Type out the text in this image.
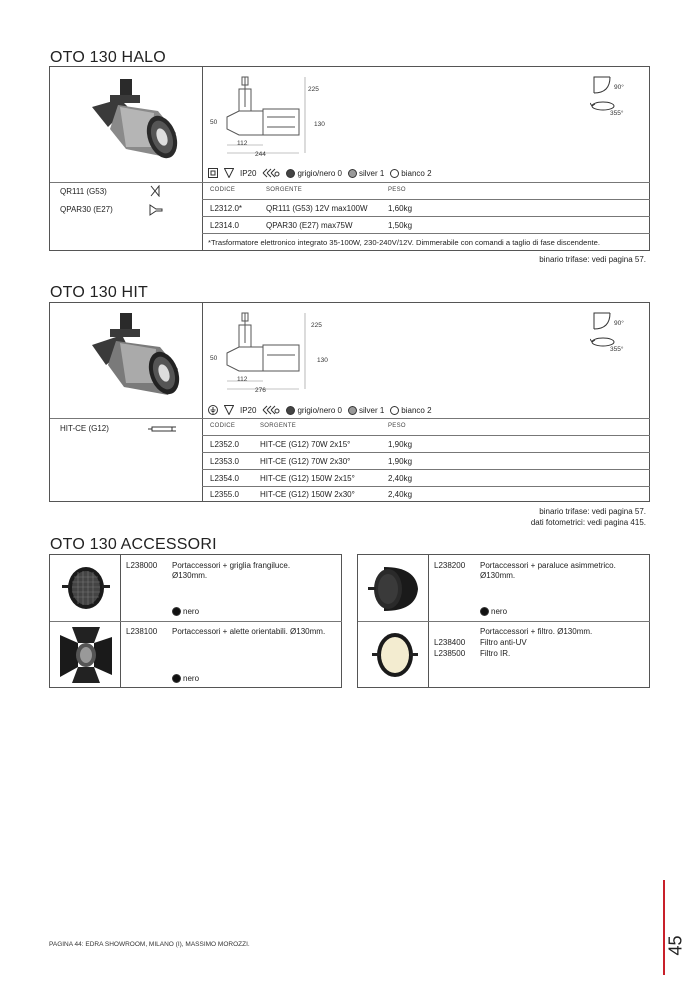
OTO 130 HALO
225
50	130
112
244
90°
355°
IP20	grigio/nero 0	silver 1	bianco 2
QR111 (G53)
QPAR30 (E27)
CODICE	SORGENTE	PESO
L2312.0*	QR111 (G53) 12V max100W	1,60kg
L2314.0	QPAR30 (E27) max75W	1,50kg
*Trasformatore elettronico integrato 35-100W, 230-240V/12V. Dimmerabile con comandi a taglio di fase discendente.
binario trifase: vedi pagina 57.
OTO 130 HIT
225
50	130
112
276
90°
355°
IP20	grigio/nero 0	silver 1	bianco 2
HIT-CE (G12)	CODICE	SORGENTE	PESO
L2352.0	HIT-CE (G12) 70W 2x15°	1,90kg
L2353.0	HIT-CE (G12) 70W 2x30°	1,90kg
L2354.0	HIT-CE (G12) 150W 2x15°	2,40kg
L2355.0	HIT-CE (G12) 150W 2x30°	2,40kg
binario trifase: vedi pagina 57.
dati fotometrici: vedi pagina 415.
OTO 130 ACCESSORI
L238000 Portaccessori + griglia frangiluce.
Ø130mm.
nero
L238100 Portaccessori + alette orientabili. Ø130mm.
nero
L238200 Portaccessori + paraluce asimmetrico.
Ø130mm.
nero
Portaccessori + filtro. Ø130mm.
L238400 Filtro anti-UV
L238500 Filtro IR.
PAGINA 44: EDRA SHOWROOM, MILANO (I), MASSIMO MOROZZI.	45
